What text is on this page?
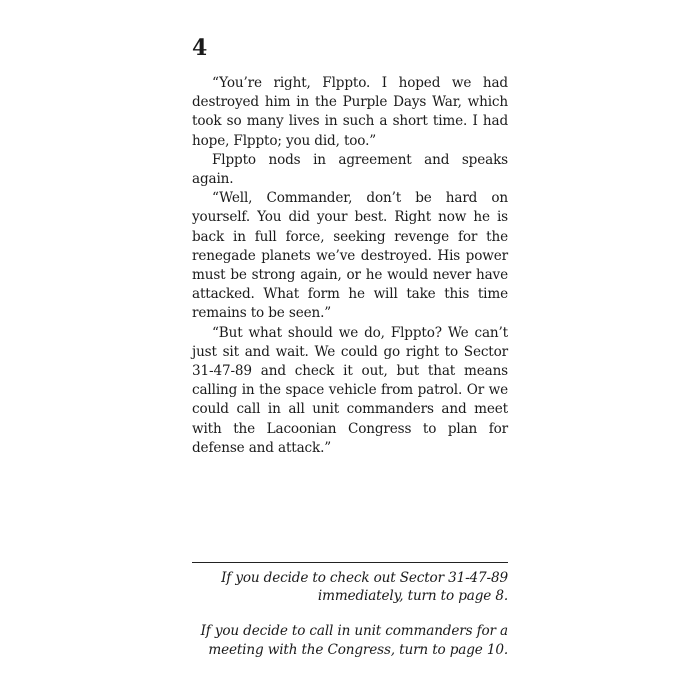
4

“You’re right, Flppto. I hoped we had destroyed him in the Purple Days War, which took so many lives in such a short time. I had hope, Flppto; you did, too.”

Flppto nods in agreement and speaks again.

“Well, Commander, don’t be hard on yourself. You did your best. Right now he is back in full force, seeking revenge for the renegade planets we’ve destroyed. His power must be strong again, or he would never have attacked. What form he will take this time remains to be seen.”

“But what should we do, Flppto? We can’t just sit and wait. We could go right to Sector 31-47-89 and check it out, but that means calling in the space vehicle from patrol. Or we could call in all unit commanders and meet with the Lacoonian Congress to plan for defense and attack.”

If you decide to check out Sector 31-47-89
immediately, turn to page 8.

If you decide to call in unit commanders for a
meeting with the Congress, turn to page 10.
